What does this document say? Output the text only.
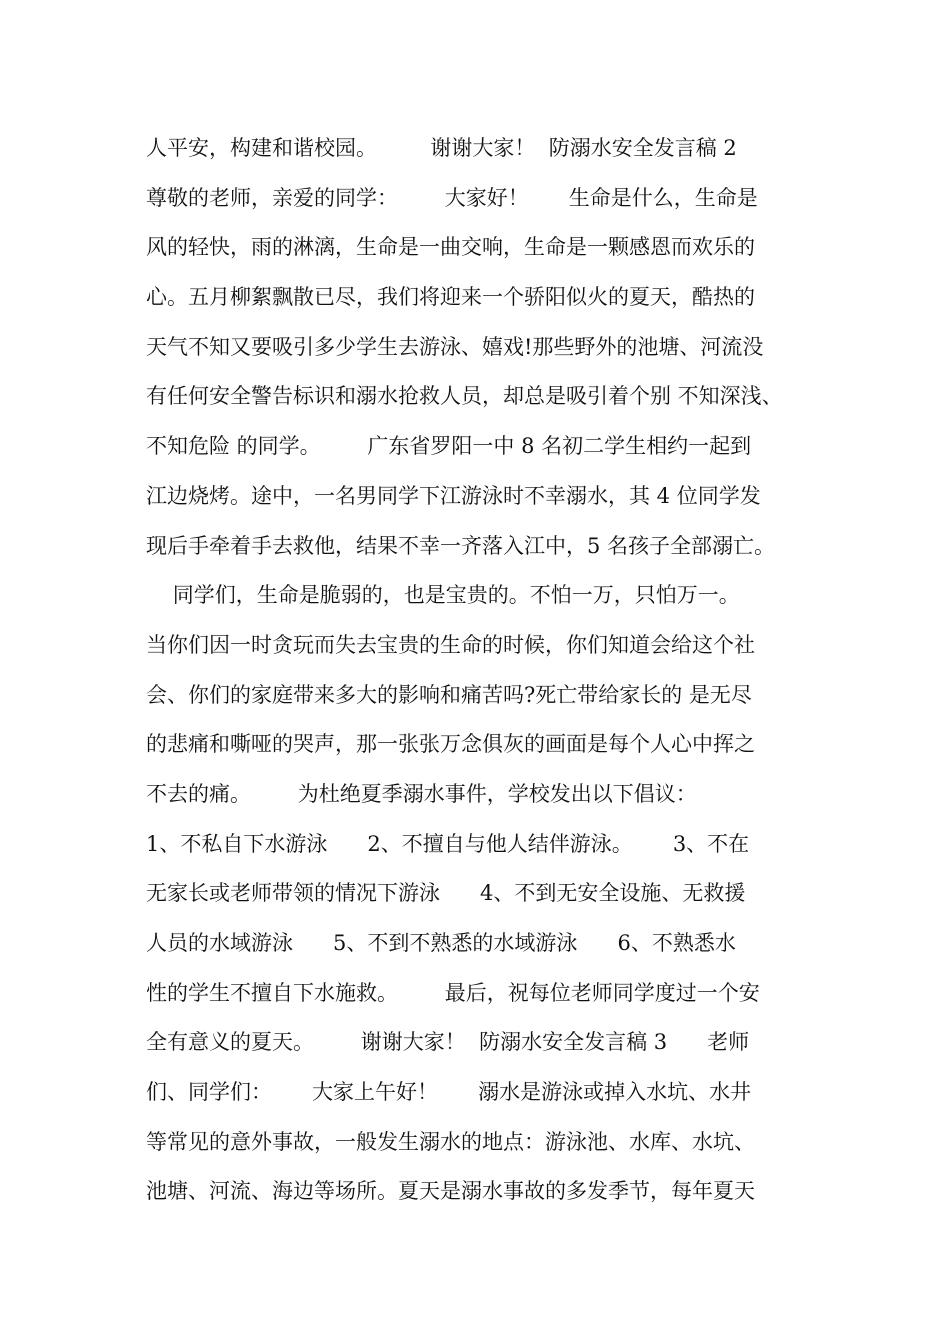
人平安，构建和谐校园。        谢谢大家！  防溺水安全发言稿 2
尊敬的老师，亲爱的同学：       大家好！      生命是什么，生命是
风的轻快，雨的淋漓，生命是一曲交响，生命是一颗感恩而欢乐的
心。五月柳絮飘散已尽，我们将迎来一个骄阳似火的夏天，酷热的
天气不知又要吸引多少学生去游泳、嬉戏!那些野外的池塘、河流没
有任何安全警告标识和溺水抢救人员，却总是吸引着个别 不知深浅、
不知危险 的同学。       广东省罗阳一中 8 名初二学生相约一起到
江边烧烤。途中，一名男同学下江游泳时不幸溺水，其 4 位同学发
现后手牵着手去救他，结果不幸一齐落入江中，5 名孩子全部溺亡。
同学们，生命是脆弱的，也是宝贵的。不怕一万，只怕万一。
当你们因一时贪玩而失去宝贵的生命的时候，你们知道会给这个社
会、你们的家庭带来多大的影响和痛苦吗?死亡带给家长的 是无尽
的悲痛和嘶哑的哭声，那一张张万念俱灰的画面是每个人心中挥之
不去的痛。       为杜绝夏季溺水事件，学校发出以下倡议：
1、不私自下水游泳      2、不擅自与他人结伴游泳。      3、不在
无家长或老师带领的情况下游泳      4、不到无安全设施、无救援
人员的水域游泳      5、不到不熟悉的水域游泳      6、不熟悉水
性的学生不擅自下水施救。       最后，祝每位老师同学度过一个安
全有意义的夏天。       谢谢大家！  防溺水安全发言稿 3      老师
们、同学们：      大家上午好！      溺水是游泳或掉入水坑、水井
等常见的意外事故，一般发生溺水的地点：游泳池、水库、水坑、
池塘、河流、海边等场所。夏天是溺水事故的多发季节，每年夏天
